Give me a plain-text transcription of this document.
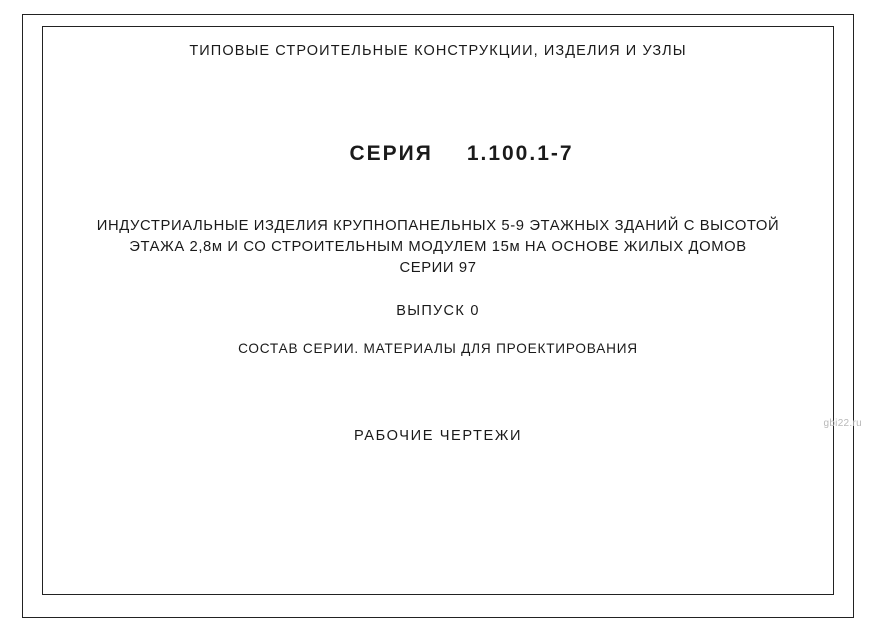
ТИПОВЫЕ СТРОИТЕЛЬНЫЕ КОНСТРУКЦИИ, ИЗДЕЛИЯ И УЗЛЫ

СЕРИЯ 1.100.1-7

ИНДУСТРИАЛЬНЫЕ ИЗДЕЛИЯ КРУПНОПАНЕЛЬНЫХ 5-9 ЭТАЖНЫХ ЗДАНИЙ С ВЫСОТОЙ
ЭТАЖА 2,8м И СО СТРОИТЕЛЬНЫМ МОДУЛЕМ 15м НА ОСНОВЕ ЖИЛЫХ ДОМОВ
СЕРИИ 97
ВЫПУСК 0
СОСТАВ СЕРИИ. МАТЕРИАЛЫ ДЛЯ ПРОЕКТИРОВАНИЯ
РАБОЧИЕ ЧЕРТЕЖИ
gbi22.ru
